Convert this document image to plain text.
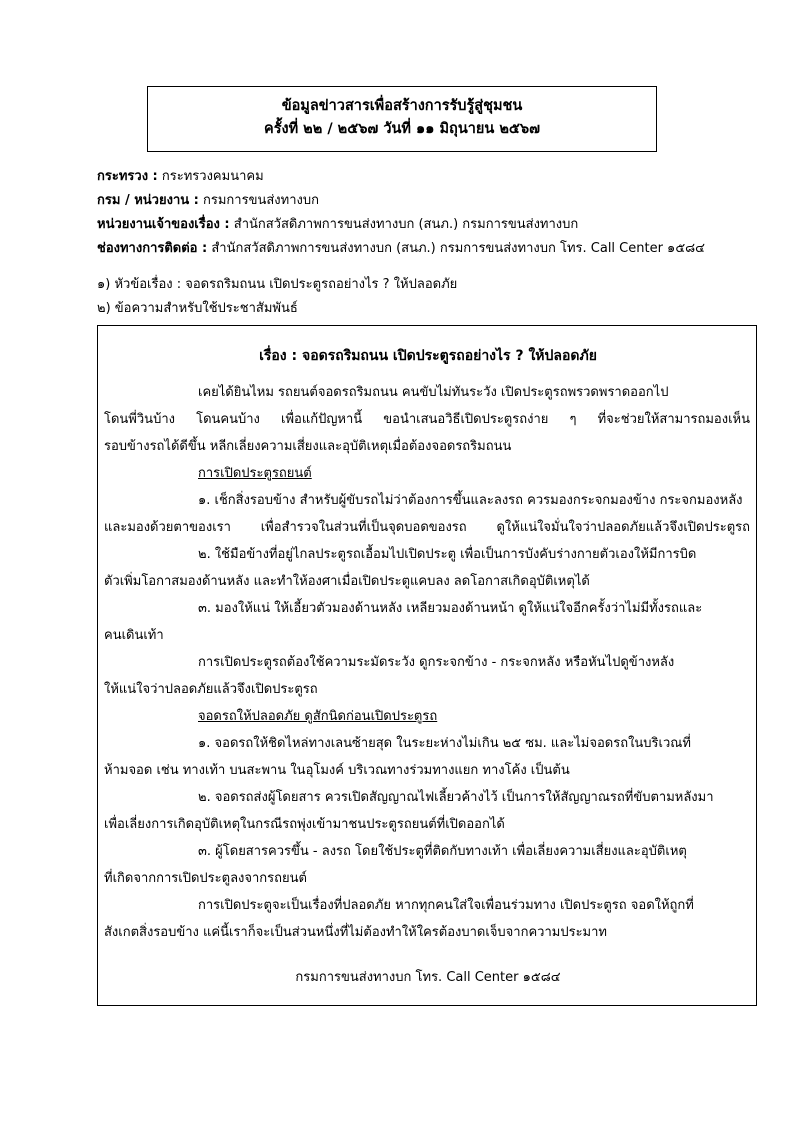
ข้อมูลข่าวสารเพื่อสร้างการรับรู้สู่ชุมชน
ครั้งที่ ๒๒ / ๒๕๖๗ วันที่ ๑๑ มิถุนายน ๒๕๖๗
กระทรวง : กระทรวงคมนาคม
กรม / หน่วยงาน : กรมการขนส่งทางบก
หน่วยงานเจ้าของเรื่อง : สำนักสวัสดิภาพการขนส่งทางบก (สนภ.) กรมการขนส่งทางบก
ช่องทางการติดต่อ : สำนักสวัสดิภาพการขนส่งทางบก (สนภ.) กรมการขนส่งทางบก โทร. Call Center ๑๕๘๔
๑) หัวข้อเรื่อง : จอดรถริมถนน เปิดประตูรถอย่างไร ? ให้ปลอดภัย
๒) ข้อความสำหรับใช้ประชาสัมพันธ์
เรื่อง : จอดรถริมถนน เปิดประตูรถอย่างไร ? ให้ปลอดภัย
เคยได้ยินไหม รถยนต์จอดรถริมถนน คนขับไม่ทันระวัง เปิดประตูรถพรวดพราดออกไป
โดนพี่วินบ้าง โดนคนบ้าง เพื่อแก้ปัญหานี้ ขอนำเสนอวิธีเปิดประตูรถง่าย ๆ ที่จะช่วยให้สามารถมองเห็น
รอบข้างรถได้ดีขึ้น หลีกเลี่ยงความเสี่ยงและอุบัติเหตุเมื่อต้องจอดรถริมถนน
การเปิดประตูรถยนต์
๑. เช็กสิ่งรอบข้าง สำหรับผู้ขับรถไม่ว่าต้องการขึ้นและลงรถ ควรมองกระจกมองข้าง กระจกมองหลัง
และมองด้วยตาของเรา เพื่อสำรวจในส่วนที่เป็นจุดบอดของรถ ดูให้แน่ใจมั่นใจว่าปลอดภัยแล้วจึงเปิดประตูรถ
๒. ใช้มือข้างที่อยู่ไกลประตูรถเอื้อมไปเปิดประตู เพื่อเป็นการบังคับร่างกายตัวเองให้มีการบิด
ตัวเพิ่มโอกาสมองด้านหลัง และทำให้องศาเมื่อเปิดประตูแคบลง ลดโอกาสเกิดอุบัติเหตุได้
๓. มองให้แน่ ให้เอี้ยวตัวมองด้านหลัง เหลียวมองด้านหน้า ดูให้แน่ใจอีกครั้งว่าไม่มีทั้งรถและ
คนเดินเท้า
การเปิดประตูรถต้องใช้ความระมัดระวัง ดูกระจกข้าง - กระจกหลัง หรือหันไปดูข้างหลัง
ให้แน่ใจว่าปลอดภัยแล้วจึงเปิดประตูรถ
จอดรถให้ปลอดภัย ดูสักนิดก่อนเปิดประตูรถ
๑. จอดรถให้ชิดไหล่ทางเลนซ้ายสุด ในระยะห่างไม่เกิน ๒๕ ซม. และไม่จอดรถในบริเวณที่
ห้ามจอด เช่น ทางเท้า บนสะพาน ในอุโมงค์ บริเวณทางร่วมทางแยก ทางโค้ง เป็นต้น
๒. จอดรถส่งผู้โดยสาร ควรเปิดสัญญาณไฟเลี้ยวค้างไว้ เป็นการให้สัญญาณรถที่ขับตามหลังมา
เพื่อเลี่ยงการเกิดอุบัติเหตุในกรณีรถพุ่งเข้ามาชนประตูรถยนต์ที่เปิดออกได้
๓. ผู้โดยสารควรขึ้น - ลงรถ โดยใช้ประตูที่ติดกับทางเท้า เพื่อเลี่ยงความเสี่ยงและอุบัติเหตุ
ที่เกิดจากการเปิดประตูลงจากรถยนต์
การเปิดประตูจะเป็นเรื่องที่ปลอดภัย หากทุกคนใส่ใจเพื่อนร่วมทาง เปิดประตูรถ จอดให้ถูกที่
สังเกตสิ่งรอบข้าง แค่นี้เราก็จะเป็นส่วนหนึ่งที่ไม่ต้องทำให้ใครต้องบาดเจ็บจากความประมาท
กรมการขนส่งทางบก โทร. Call Center ๑๕๘๔
